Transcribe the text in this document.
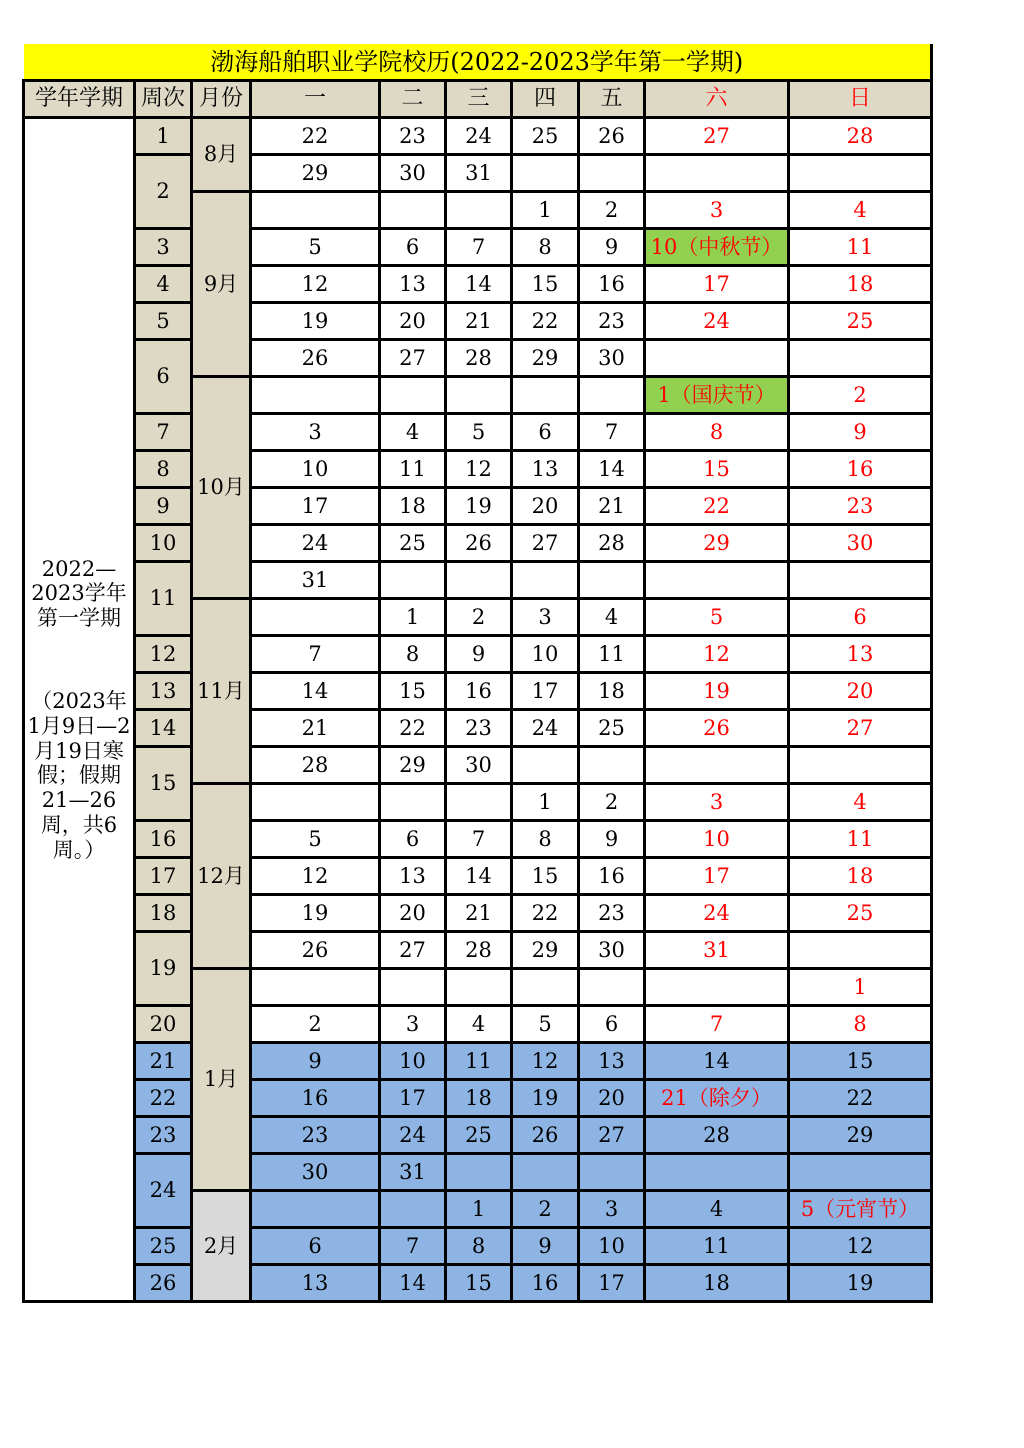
渤海船舶职业学院校历(2022-2023学年第一学期)									
学年学期	周次	月份	一	二	三	四	五	六	日

2022—2023学年第一学期
（2023年1月9日—2月19日寒假；假期21—26周，共6周。）	1	8月	22	23	24	25	26	27	28
	2		29	30	31				
		9月				1	2	3	4
	3		5	6	7	8	9	10（中秋节）	11
	4		12	13	14	15	16	17	18
	5		19	20	21	22	23	24	25
	6		26	27	28	29	30		
		10月						1（国庆节）	2
	7		3	4	5	6	7	8	9
	8		10	11	12	13	14	15	16
	9		17	18	19	20	21	22	23
	10		24	25	26	27	28	29	30
	11		31						
		11月		1	2	3	4	5	6
	12		7	8	9	10	11	12	13
	13		14	15	16	17	18	19	20
	14		21	22	23	24	25	26	27
	15		28	29	30				
		12月				1	2	3	4
	16		5	6	7	8	9	10	11
	17		12	13	14	15	16	17	18
	18		19	20	21	22	23	24	25
	19		26	27	28	29	30	31	
		1月							1
	20		2	3	4	5	6	7	8
	21		9	10	11	12	13	14	15
	22		16	17	18	19	20	21（除夕）	22
	23		23	24	25	26	27	28	29
	24		30	31					
		2月			1	2	3	4	5（元宵节）
	25		6	7	8	9	10	11	12
	26		13	14	15	16	17	18	19
